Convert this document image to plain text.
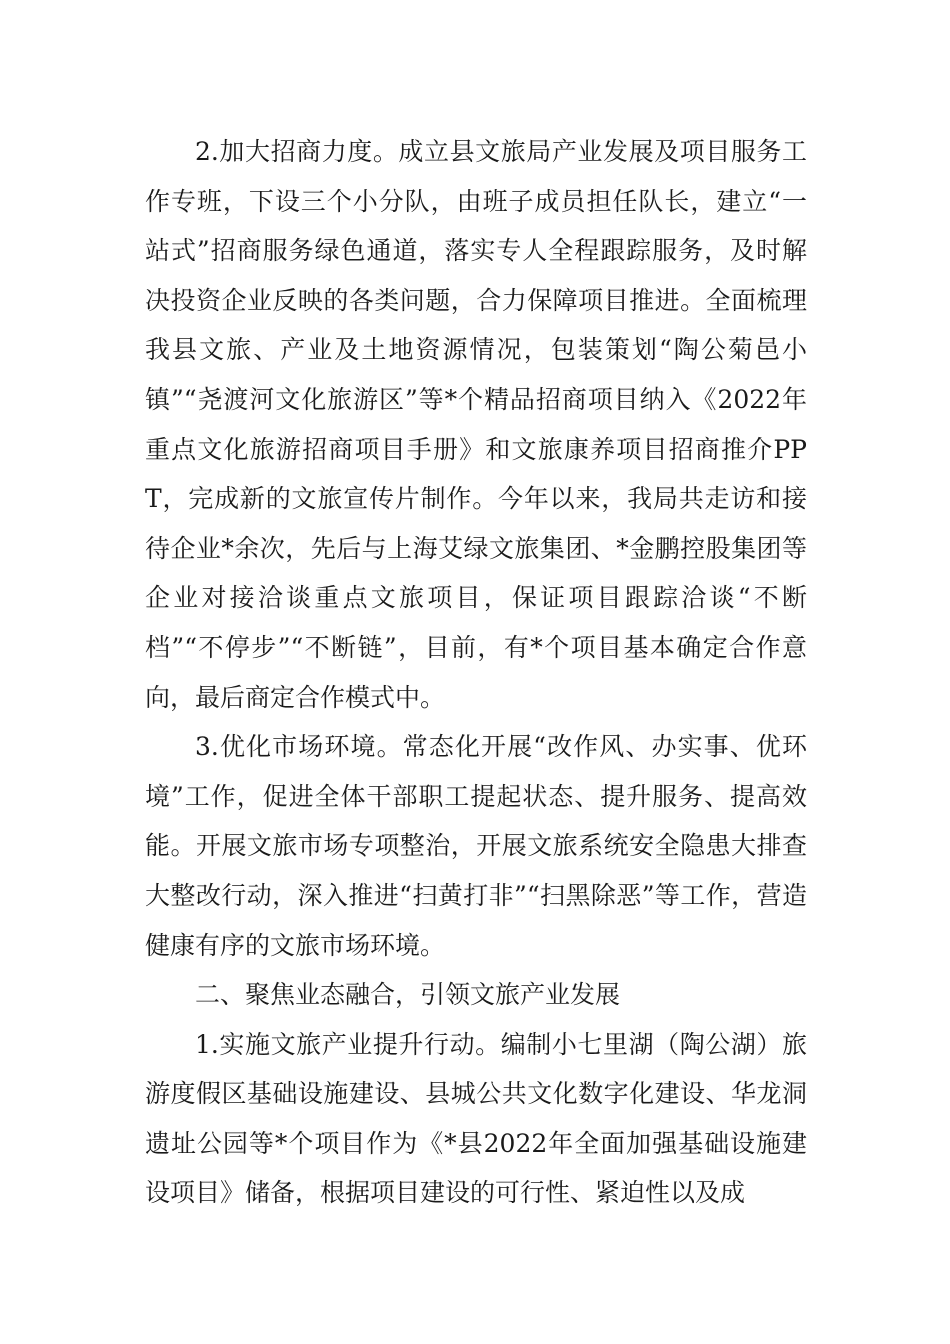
2.加大招商力度。成立县文旅局产业发展及项目服务工作专班，下设三个小分队，由班子成员担任队长，建立“一站式”招商服务绿色通道，落实专人全程跟踪服务，及时解决投资企业反映的各类问题，合力保障项目推进。全面梳理我县文旅、产业及土地资源情况，包装策划“陶公菊邑小镇”“尧渡河文化旅游区”等*个精品招商项目纳入《2022年重点文化旅游招商项目手册》和文旅康养项目招商推介PPT，完成新的文旅宣传片制作。今年以来，我局共走访和接待企业*余次，先后与上海艾绿文旅集团、*金鹏控股集团等企业对接洽谈重点文旅项目，保证项目跟踪洽谈“不断档”“不停步”“不断链”，目前，有*个项目基本确定合作意向，最后商定合作模式中。

3.优化市场环境。常态化开展“改作风、办实事、优环境”工作，促进全体干部职工提起状态、提升服务、提高效能。开展文旅市场专项整治，开展文旅系统安全隐患大排查大整改行动，深入推进“扫黄打非”“扫黑除恶”等工作，营造健康有序的文旅市场环境。

二、聚焦业态融合，引领文旅产业发展

1.实施文旅产业提升行动。编制小七里湖（陶公湖）旅游度假区基础设施建设、县城公共文化数字化建设、华龙洞遗址公园等*个项目作为《*县2022年全面加强基础设施建设项目》储备，根据项目建设的可行性、紧迫性以及成
